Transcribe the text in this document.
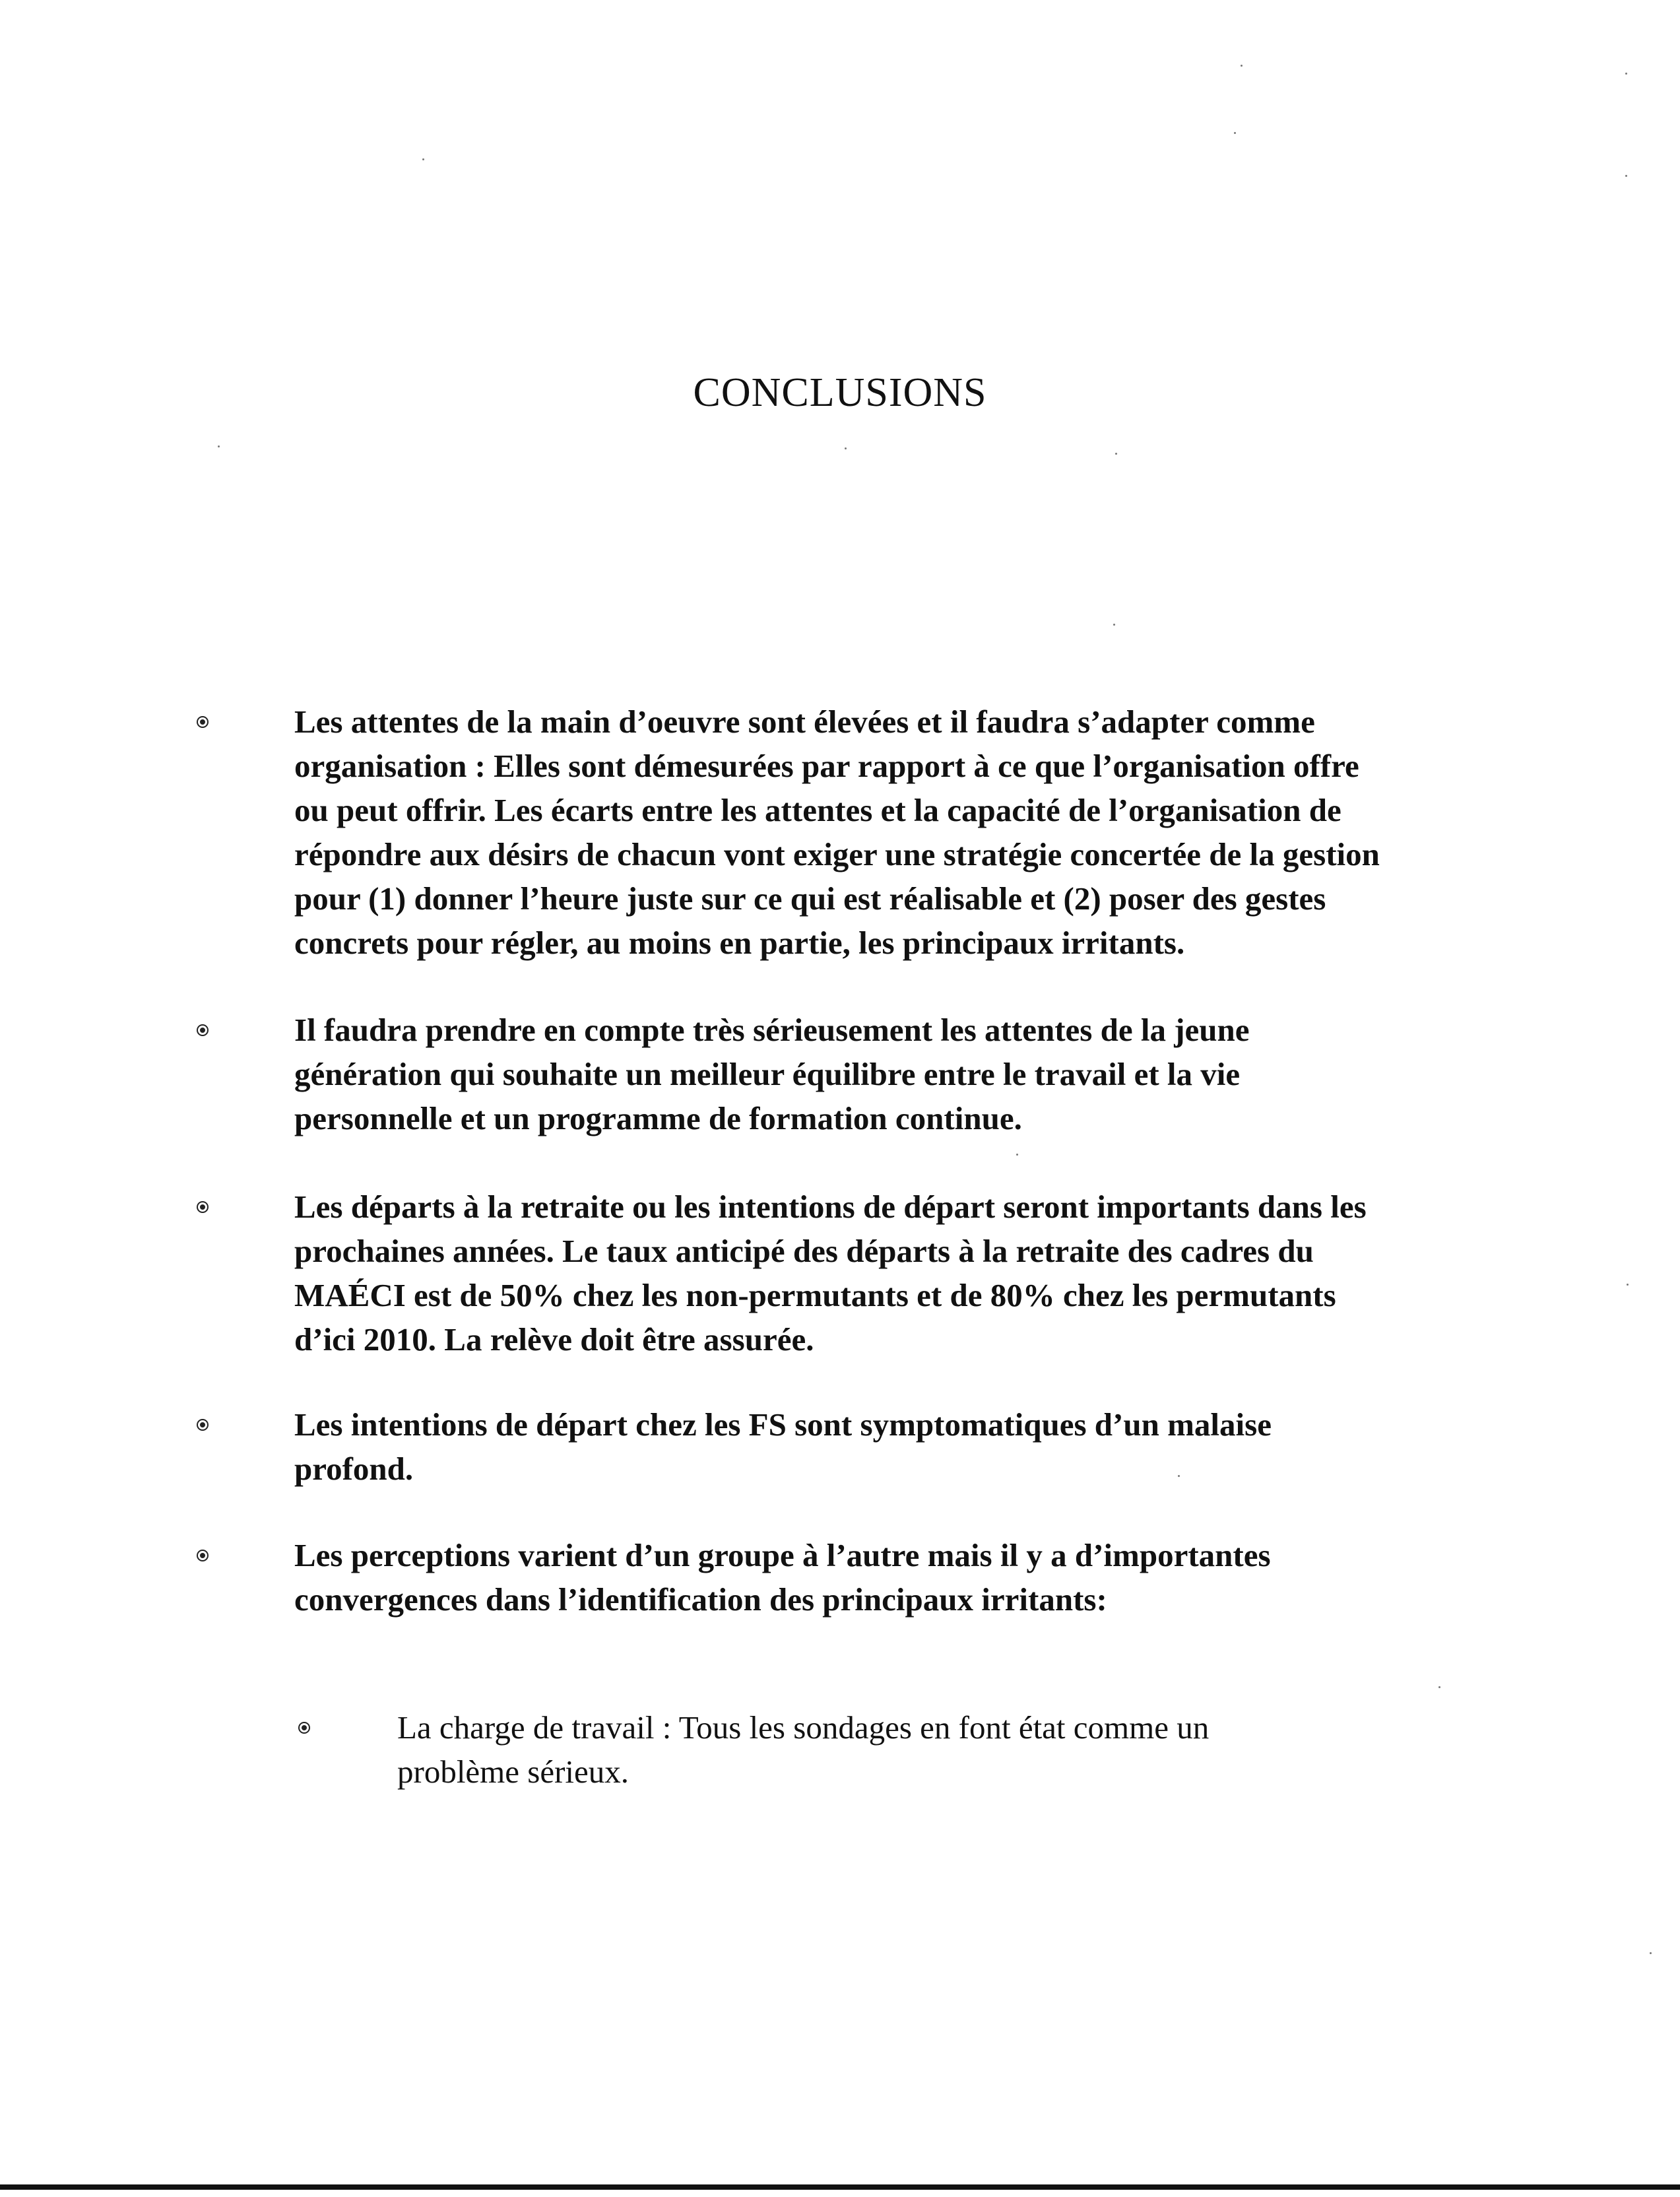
CONCLUSIONS

Les attentes de la main d’oeuvre sont élevées et il faudra s’adapter comme
organisation : Elles sont démesurées par rapport à ce que l’organisation offre
ou peut offrir. Les écarts entre les attentes et la capacité de l’organisation de
répondre aux désirs de chacun vont exiger une stratégie concertée de la gestion
pour (1) donner l’heure juste sur ce qui est réalisable et (2) poser des gestes
concrets pour régler, au moins en partie, les principaux irritants.

Il faudra prendre en compte très sérieusement les attentes de la jeune
génération qui souhaite un meilleur équilibre entre le travail et la vie
personnelle et un programme de formation continue.

Les départs à la retraite ou les intentions de départ seront importants dans les
prochaines années. Le taux anticipé des départs à la retraite des cadres du
MAÉCI est de 50% chez les non-permutants et de 80% chez les permutants
d’ici 2010. La relève doit être assurée.

Les intentions de départ chez les FS sont symptomatiques d’un malaise
profond.

Les perceptions varient d’un groupe à l’autre mais il y a d’importantes
convergences dans l’identification des principaux irritants:

La charge de travail : Tous les sondages en font état comme un
problème sérieux.
